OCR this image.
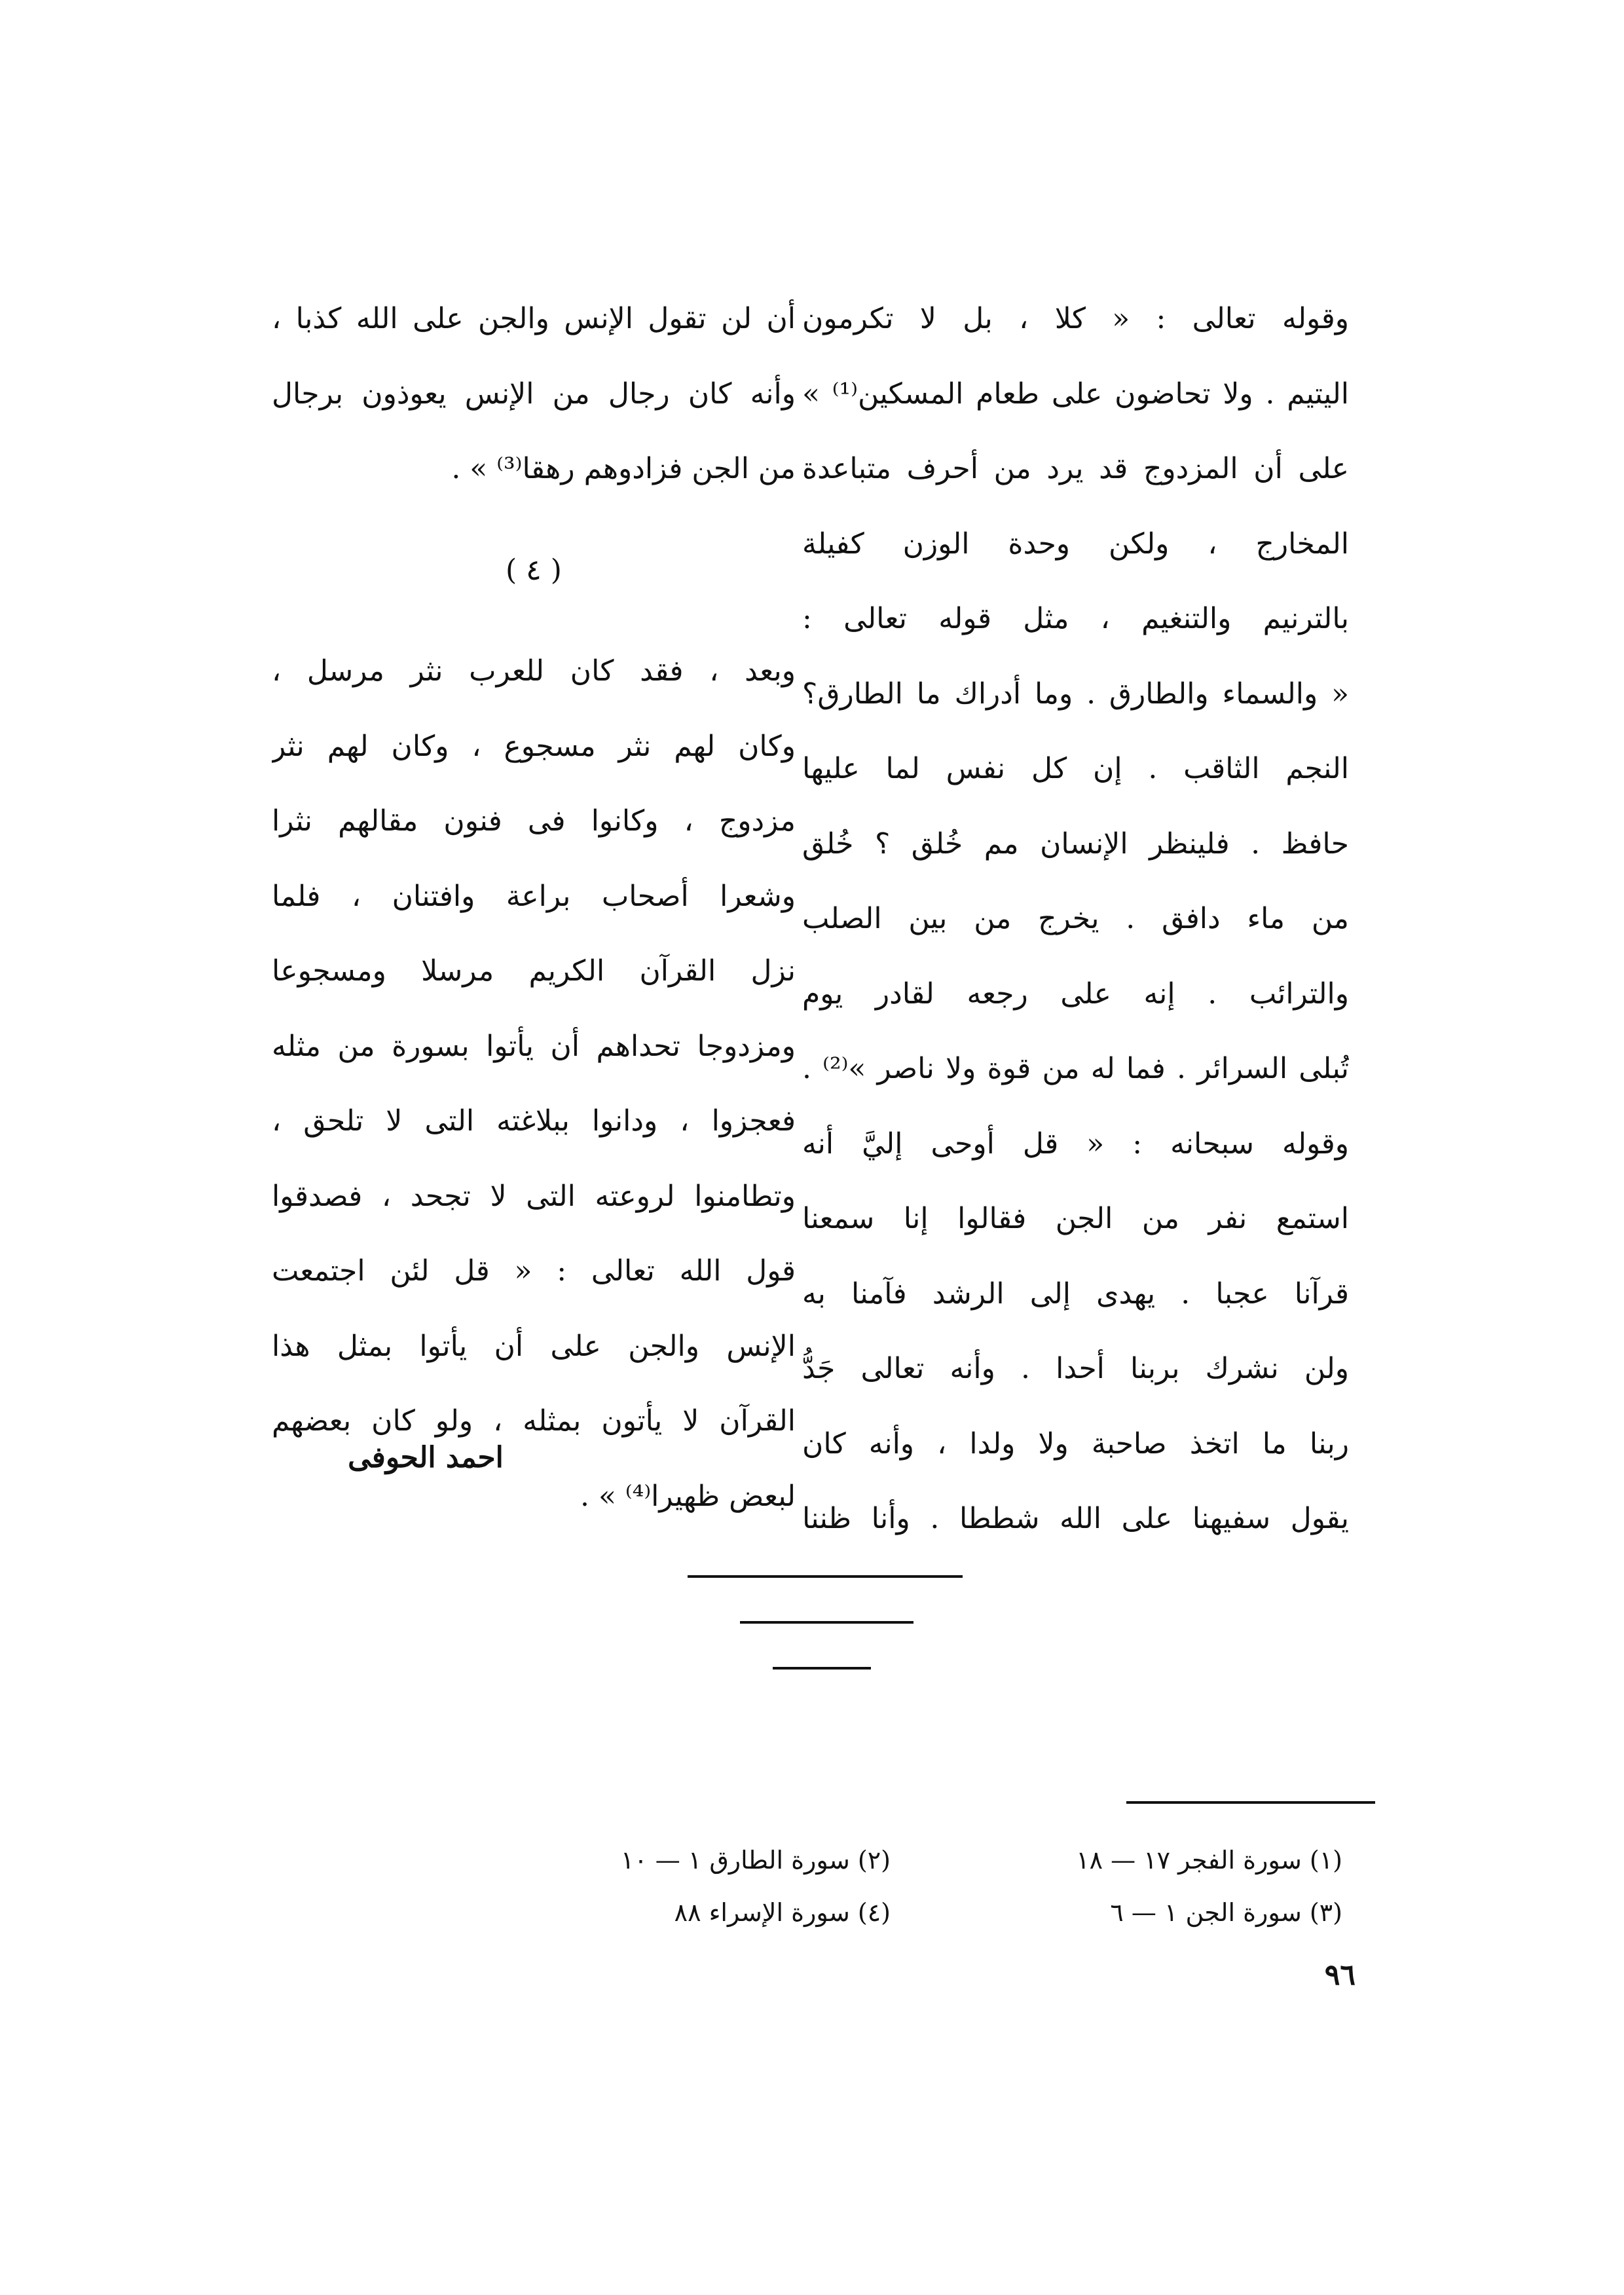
وقوله تعالى : « كلا ، بل لا تكرمون
اليتيم . ولا تحاضون على طعام المسكين⁽¹⁾ »
على أن المزدوج قد يرد من أحرف متباعدة
المخارج ، ولكن وحدة الوزن كفيلة
بالترنيم والتنغيم ، مثل قوله تعالى :
« والسماء والطارق . وما أدراك ما الطارق؟
النجم الثاقب . إن كل نفس لما عليها
حافظ . فلينظر الإنسان مم خُلق ؟ خُلق
من ماء دافق . يخرج من بين الصلب
والترائب . إنه على رجعه لقادر يوم
تُبلى السرائر . فما له من قوة ولا ناصر »⁽²⁾ .
وقوله سبحانه : « قل أوحى إليَّ أنه
استمع نفر من الجن فقالوا إنا سمعنا
قرآنا عجبا . يهدى إلى الرشد فآمنا به
ولن نشرك بربنا أحدا . وأنه تعالى جَدُّ
ربنا ما اتخذ صاحبة ولا ولدا ، وأنه كان
يقول سفيهنا على الله شططا . وأنا ظننا
أن لن تقول الإنس والجن على الله كذبا ،
وأنه كان رجال من الإنس يعوذون برجال
من الجن فزادوهم رهقا⁽³⁾ » .
( ٤ )
وبعد ، فقد كان للعرب نثر مرسل ،
وكان لهم نثر مسجوع ، وكان لهم نثر
مزدوج ، وكانوا فى فنون مقالهم نثرا
وشعرا أصحاب براعة وافتنان ، فلما
نزل القرآن الكريم مرسلا ومسجوعا
ومزدوجا تحداهم أن يأتوا بسورة من مثله
فعجزوا ، ودانوا ببلاغته التى لا تلحق ،
وتطامنوا لروعته التى لا تجحد ، فصدقوا
قول الله تعالى : « قل لئن اجتمعت
الإنس والجن على أن يأتوا بمثل هذا
القرآن لا يأتون بمثله ، ولو كان بعضهم
لبعض ظهيرا⁽⁴⁾ » .
احمد الحوفى
(١) سورة الفجر ١٧ — ١٨
(٢) سورة الطارق ١ — ١٠
(٣) سورة الجن ١ — ٦
(٤) سورة الإسراء ٨٨
٩٦
